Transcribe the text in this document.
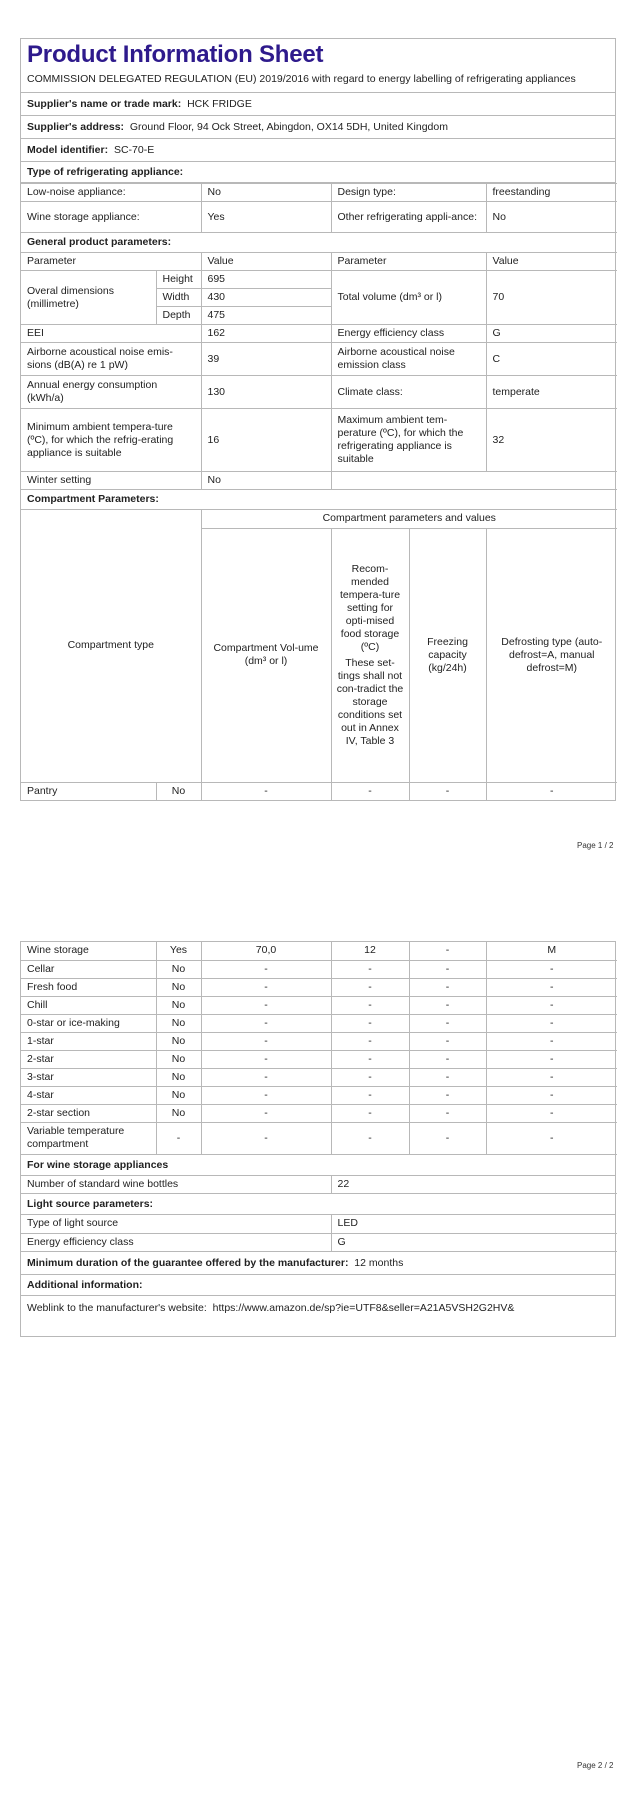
Product Information Sheet
COMMISSION DELEGATED REGULATION (EU) 2019/2016 with regard to energy labelling of refrigerating appliances
Supplier's name or trade mark: HCK FRIDGE
Supplier's address: Ground Floor, 94 Ock Street, Abingdon, OX14 5DH, United Kingdom
Model identifier: SC-70-E
Type of refrigerating appliance:
Low-noise appliance:		No	Design type:	freestanding
Wine storage appliance:		Yes	Other refrigerating appli-ance:	No
General product parameters:				
Parameter		Value	Parameter	Value
Overal dimensions (millimetre)	Height	695	Total volume (dm³ or l)	70
	Width	430		
	Depth	475		
EEI		162	Energy efficiency class	G
Airborne acoustical noise emis-sions (dB(A) re 1 pW)		39	Airborne acoustical noise emission class	C
Annual energy consumption (kWh/a)		130	Climate class:	temperate
Minimum ambient tempera-ture (ºC), for which the refrig-erating appliance is suitable		16	Maximum ambient tem-perature (ºC), for which the refrigerating appliance is suitable	32
Winter setting		No		
Compartment Parameters:				
Compartment type		Compartment parameters and values			
		Compartment Vol-ume (dm³ or l)	Recom-mended tempera-ture setting for opti-mised food storage (ºC)
These set-tings shall not con-tradict the storage conditions set out in Annex IV, Table 3	Freezing capacity (kg/24h)	Defrosting type (auto-defrost=A, manual defrost=M)
Pantry	No	-	-	-	-
Page 1 / 2
Wine storage	Yes	70,0	12	-	M
Cellar	No	-	-	-	-
Fresh food	No	-	-	-	-
Chill	No	-	-	-	-
0-star or ice-making	No	-	-	-	-
1-star	No	-	-	-	-
2-star	No	-	-	-	-
3-star	No	-	-	-	-
4-star	No	-	-	-	-
2-star section	No	-	-	-	-
Variable temperature compartment	-	-	-	-	-
For wine storage appliances
Number of standard wine bottles	22
Light source parameters:
Type of light source	LED
Energy efficiency class	G
Minimum duration of the guarantee offered by the manufacturer: 12 months
Additional information:
Weblink to the manufacturer's website: https://www.amazon.de/sp?ie=UTF8&seller=A21A5VSH2G2HV&
Page 2 / 2
